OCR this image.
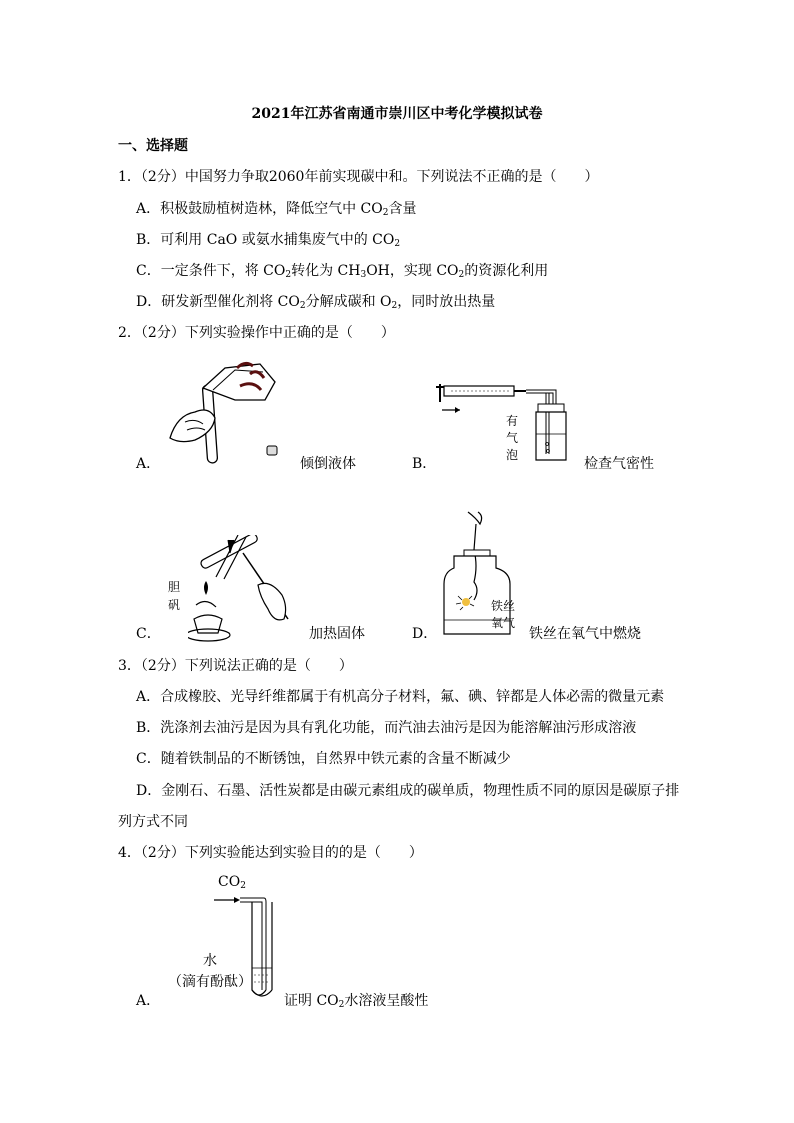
2021年江苏省南通市崇川区中考化学模拟试卷
一、选择题
1．（2分）中国努力争取2060年前实现碳中和。下列说法不正确的是（　　）
A．积极鼓励植树造林，降低空气中 $CO_2$含量
B．可利用 CaO 或氨水捕集废气中的 $CO_2$
C．一定条件下，将 $CO_2$转化为 $CH_3OH$，实现 $CO_2$的资源化利用
D．研发新型催化剂将 $CO_2$分解成碳和 $O_2$，同时放出热量
2．（2分）下列实验操作中正确的是（　　）
A．	倾倒液体
有
气
泡
B．	检查气密性
胆
矾
C．	加热固体
铁丝
氧气
D．	铁丝在氧气中燃烧
3．（2分）下列说法正确的是（　　）
A．合成橡胶、光导纤维都属于有机高分子材料，氟、碘、锌都是人体必需的微量元素
B．洗涤剂去油污是因为具有乳化功能，而汽油去油污是因为能溶解油污形成溶液
C．随着铁制品的不断锈蚀，自然界中铁元素的含量不断减少
D．金刚石、石墨、活性炭都是由碳元素组成的碳单质，物理性质不同的原因是碳原子排
列方式不同
4．（2分）下列实验能达到实验目的的是（　　）
$CO_2$
水
（滴有酚酞）
A．	证明 $CO_2$水溶液呈酸性
